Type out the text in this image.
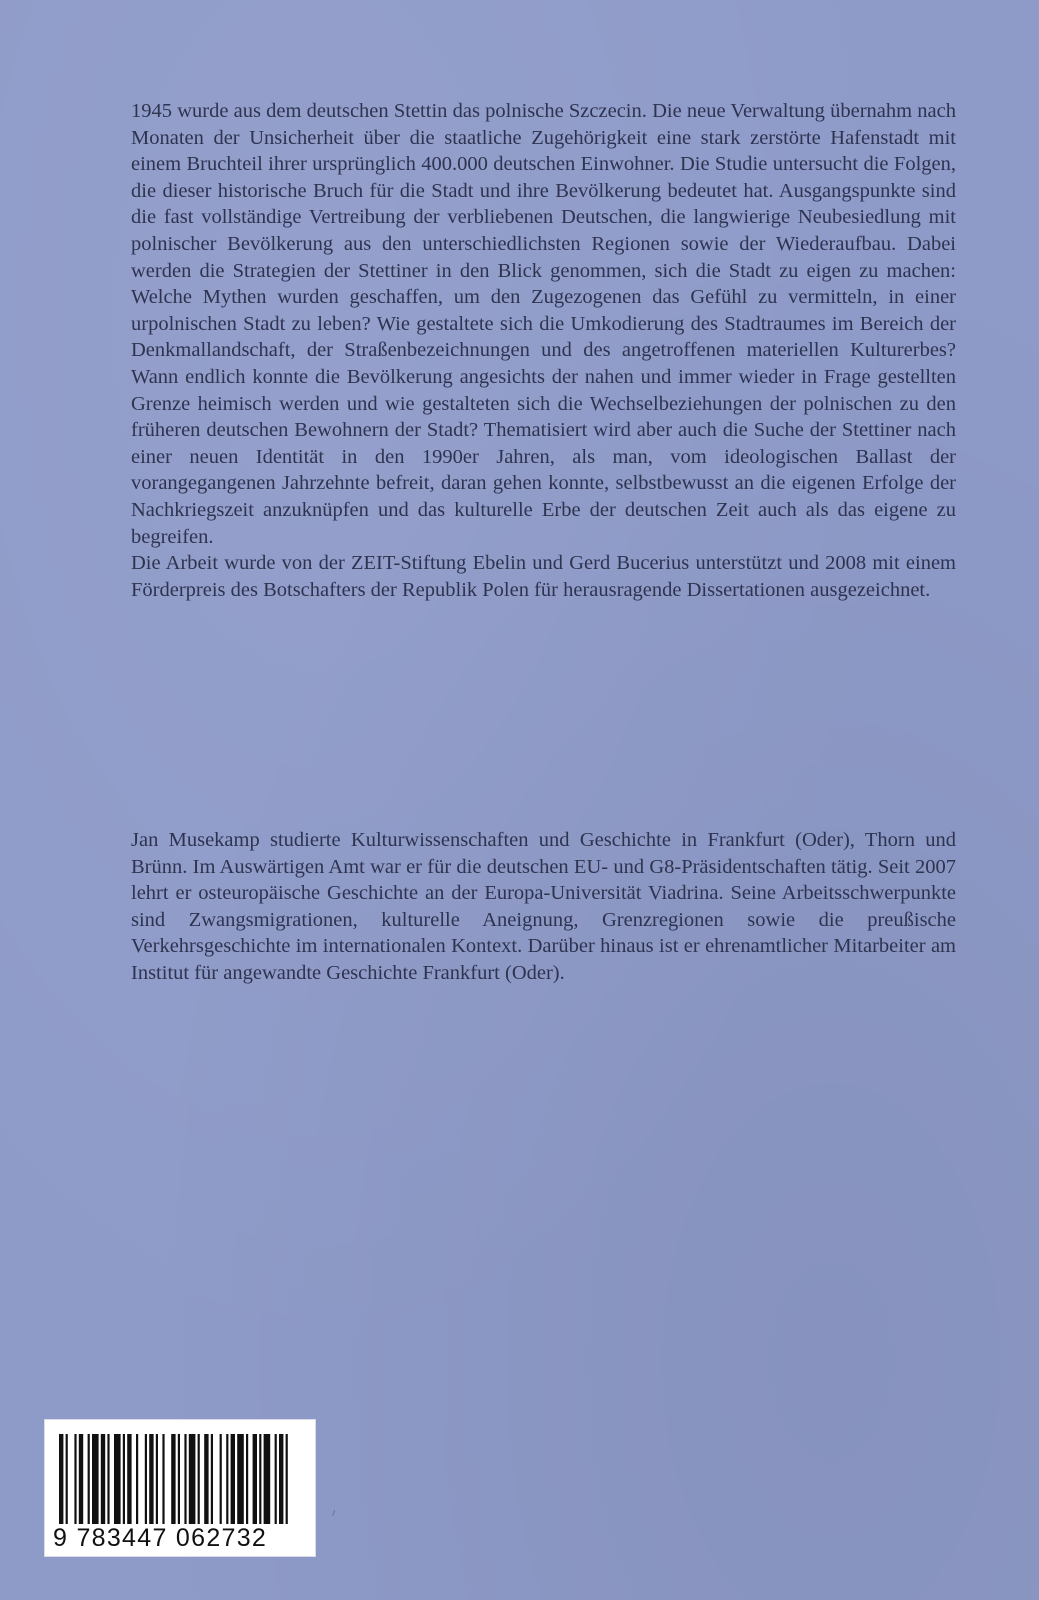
1945 wurde aus dem deutschen Stettin das polnische Szczecin. Die neue Verwaltung übernahm nach Monaten der Unsicherheit über die staatliche Zugehörigkeit eine stark zerstörte Hafenstadt mit einem Bruchteil ihrer ursprünglich 400.000 deutschen Einwohner. Die Studie untersucht die Folgen, die dieser historische Bruch für die Stadt und ihre Bevölkerung bedeutet hat. Ausgangspunkte sind die fast vollständige Vertreibung der verbliebenen Deutschen, die langwierige Neubesiedlung mit polnischer Bevölkerung aus den unterschiedlichsten Regionen sowie der Wiederaufbau. Dabei werden die Strategien der Stettiner in den Blick genommen, sich die Stadt zu eigen zu machen: Welche Mythen wurden geschaffen, um den Zugezogenen das Gefühl zu vermitteln, in einer urpolnischen Stadt zu leben? Wie gestaltete sich die Umkodierung des Stadtraumes im Bereich der Denkmallandschaft, der Straßenbezeichnungen und des angetroffenen materiellen Kulturerbes? Wann endlich konnte die Bevölkerung angesichts der nahen und immer wieder in Frage gestellten Grenze heimisch werden und wie gestalteten sich die Wechselbeziehungen der polnischen zu den früheren deutschen Bewohnern der Stadt? Thematisiert wird aber auch die Suche der Stettiner nach einer neuen Identität in den 1990er Jahren, als man, vom ideologischen Ballast der vorangegangenen Jahrzehnte befreit, daran gehen konnte, selbstbewusst an die eigenen Erfolge der Nachkriegszeit anzuknüpfen und das kulturelle Erbe der deutschen Zeit auch als das eigene zu begreifen.

Die Arbeit wurde von der ZEIT-Stiftung Ebelin und Gerd Bucerius unterstützt und 2008 mit einem Förderpreis des Botschafters der Republik Polen für herausragende Dissertationen ausgezeichnet.

Jan Musekamp studierte Kulturwissenschaften und Geschichte in Frankfurt (Oder), Thorn und Brünn. Im Auswärtigen Amt war er für die deutschen EU- und G8-Präsidentschaften tätig. Seit 2007 lehrt er osteuropäische Geschichte an der Europa-Universität Viadrina. Seine Arbeitsschwerpunkte sind Zwangsmigrationen, kulturelle Aneignung, Grenzregionen sowie die preußische Verkehrsgeschichte im internationalen Kontext. Darüber hinaus ist er ehrenamtlicher Mitarbeiter am Institut für angewandte Geschichte Frankfurt (Oder).

9 783447 062732
